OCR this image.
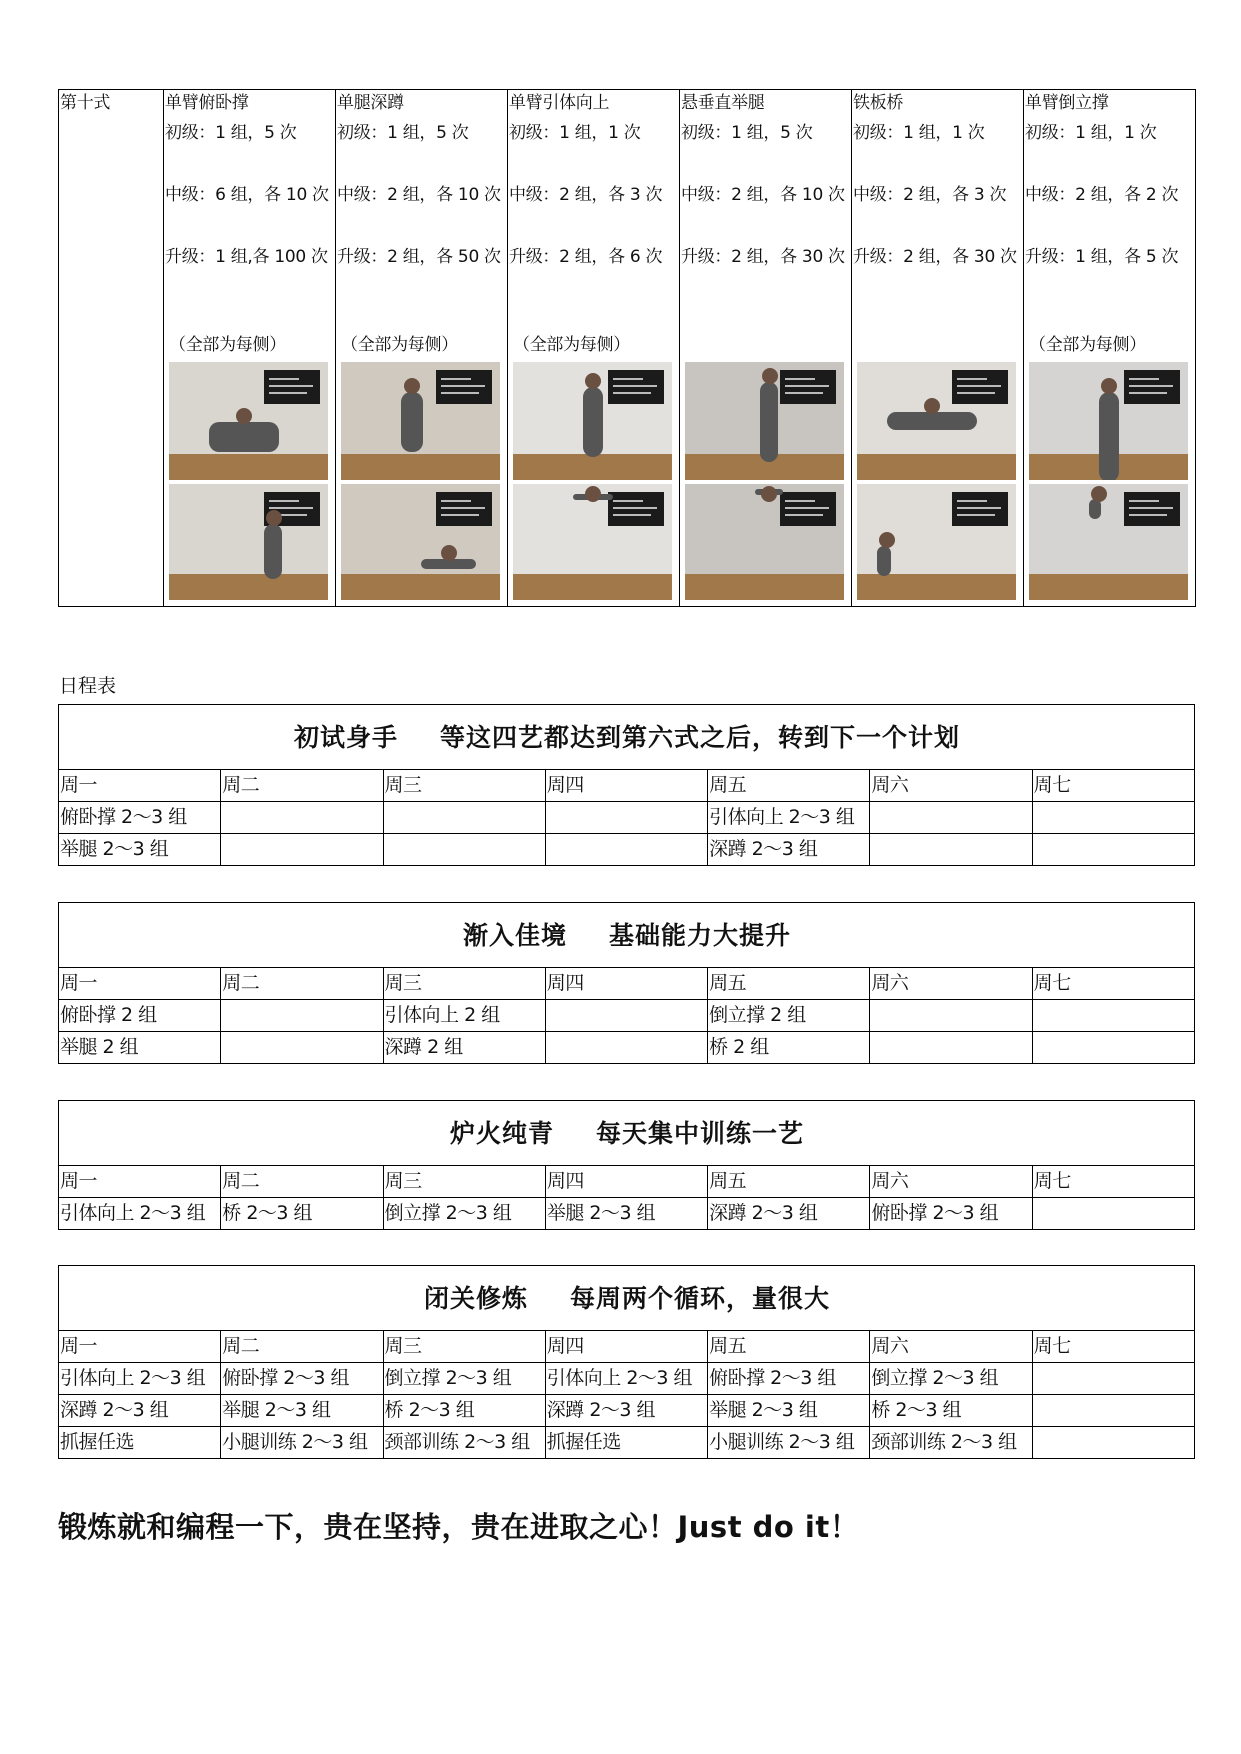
第十式	单臂俯卧撑
初级：1 组，5 次
中级：6 组，各 10 次
升级：1 组,各 100 次
（全部为每侧）

单腿深蹲
初级：1 组，5 次
中级：2 组，各 10 次
升级：2 组，各 50 次
（全部为每侧）

单臂引体向上
初级：1 组，1 次
中级：2 组，各 3 次
升级：2 组，各 6 次
（全部为每侧）

悬垂直举腿
初级：1 组，5 次
中级：2 组，各 10 次
升级：2 组，各 30 次

铁板桥
初级：1 组，1 次
中级：2 组，各 3 次
升级：2 组，各 30 次

单臂倒立撑
初级：1 组，1 次
中级：2 组，各 2 次
升级：1 组，各 5 次
（全部为每侧）
日程表
初试身手 等这四艺都达到第六式之后，转到下一个计划						
周一	周二	周三	周四	周五	周六	周七
俯卧撑 2～3 组				引体向上 2～3 组		
举腿 2～3 组				深蹲 2～3 组		
渐入佳境 基础能力大提升						
周一	周二	周三	周四	周五	周六	周七
俯卧撑 2 组		引体向上 2 组		倒立撑 2 组		
举腿 2 组		深蹲 2 组		桥 2 组		
炉火纯青 每天集中训练一艺						
周一	周二	周三	周四	周五	周六	周七
引体向上 2～3 组	桥 2～3 组	倒立撑 2～3 组	举腿 2～3 组	深蹲 2～3 组	俯卧撑 2～3 组	
闭关修炼 每周两个循环，量很大						
周一	周二	周三	周四	周五	周六	周七
引体向上 2～3 组	俯卧撑 2～3 组	倒立撑 2～3 组	引体向上 2～3 组	俯卧撑 2～3 组	倒立撑 2～3 组	
深蹲 2～3 组	举腿 2～3 组	桥 2～3 组	深蹲 2～3 组	举腿 2～3 组	桥 2～3 组	
抓握任选	小腿训练 2～3 组	颈部训练 2～3 组	抓握任选	小腿训练 2～3 组	颈部训练 2～3 组	
锻炼就和编程一下，贵在坚持，贵在进取之心！Just do it！
